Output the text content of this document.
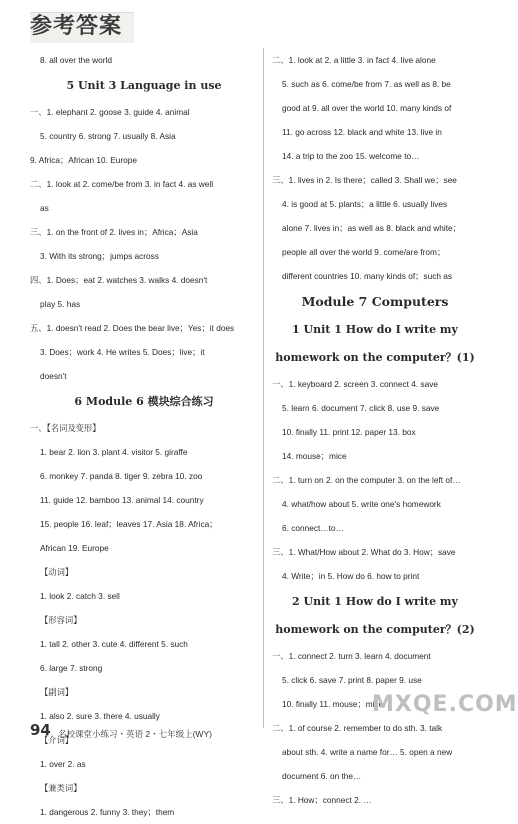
参考答案
8. all over the world
5 Unit 3 Language in use
一、1. elephant 2. goose 3. guide 4. animal
5. country 6. strong 7. usually 8. Asia
9. Africa；African 10. Europe
二、1. look at 2. come/be from 3. in fact 4. as well
as
三、1. on the front of 2. lives in；Africa；Asia
3. With its strong；jumps across
四、1. Does；eat 2. watches 3. walks 4. doesn't
play 5. has
五、1. doesn't read 2. Does the bear live；Yes；it does
3. Does；work 4. He writes 5. Does；live；it
doesn't
6 Module 6 模块综合练习
一、【名词及变形】
1. bear 2. lion 3. plant 4. visitor 5. giraffe
6. monkey 7. panda 8. tiger 9. zebra 10. zoo
11. guide 12. bamboo 13. animal 14. country
15. people 16. leaf；leaves 17. Asia 18. Africa；
African 19. Europe
【动词】
1. look 2. catch 3. sell
【形容词】
1. tall 2. other 3. cute 4. different 5. such
6. large 7. strong
【副词】
1. also 2. sure 3. there 4. usually
【介词】
1. over 2. as
【兼类词】
1. dangerous 2. funny 3. they；them
二、1. look at 2. a little 3. in fact 4. live alone
5. such as 6. come/be from 7. as well as 8. be
good at 9. all over the world 10. many kinds of
11. go across 12. black and white 13. live in
14. a trip to the zoo 15. welcome to…
三、1. lives in 2. Is there；called 3. Shall we；see
4. is good at 5. plants；a little 6. usually lives
alone 7. lives in；as well as 8. black and white；
people all over the world 9. come/are from；
different countries 10. many kinds of；such as
Module 7 Computers
1 Unit 1 How do I write my
homework on the computer？(1)
一、1. keyboard 2. screen 3. connect 4. save
5. learn 6. document 7. click 8. use 9. save
10. finally 11. print 12. paper 13. box
14. mouse；mice
二、1. turn on 2. on the computer 3. on the left of…
4. what/how about 5. write one's homework
6. connect…to…
三、1. What/How about 2. What do 3. How；save
4. Write；in 5. How do 6. how to print
2 Unit 1 How do I write my
homework on the computer？(2)
一、1. connect 2. turn 3. learn 4. document
5. click 6. save 7. print 8. paper 9. use
10. finally 11. mouse；mice
二、1. of course 2. remember to do sth. 3. talk
about sth. 4. write a name for… 5. open a new
document 6. on the…
三、1. How；connect 2. …
MXQE.COM
94 名校课堂小练习・英语 2・七年级上(WY)
